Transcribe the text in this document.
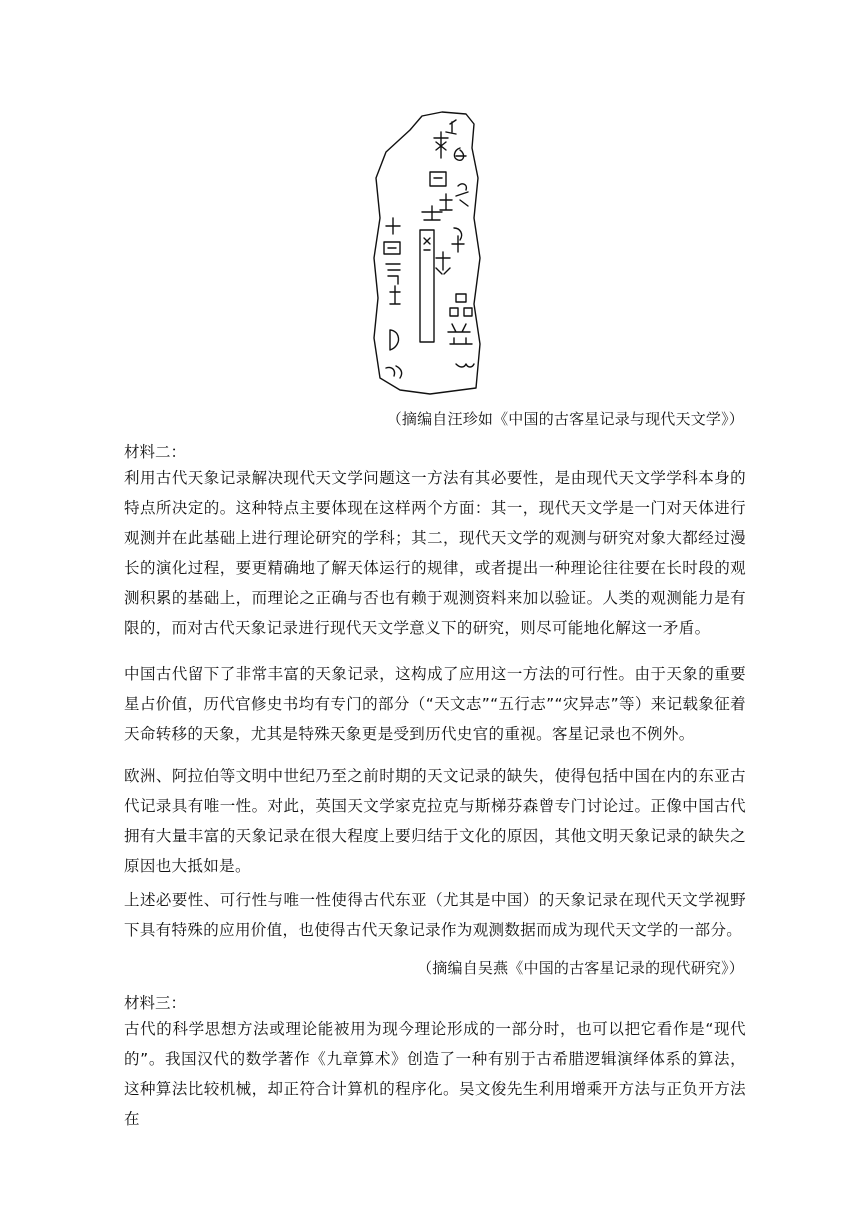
（摘编自汪珍如《中国的古客星记录与现代天文学》）
材料二：

利用古代天象记录解决现代天文学问题这一方法有其必要性，是由现代天文学学科本身的特点所决定的。这种特点主要体现在这样两个方面：其一，现代天文学是一门对天体进行观测并在此基础上进行理论研究的学科；其二，现代天文学的观测与研究对象大都经过漫长的演化过程，要更精确地了解天体运行的规律，或者提出一种理论往往要在长时段的观测积累的基础上，而理论之正确与否也有赖于观测资料来加以验证。人类的观测能力是有限的，而对古代天象记录进行现代天文学意义下的研究，则尽可能地化解这一矛盾。

中国古代留下了非常丰富的天象记录，这构成了应用这一方法的可行性。由于天象的重要星占价值，历代官修史书均有专门的部分（“天文志”“五行志”“灾异志”等）来记载象征着天命转移的天象，尤其是特殊天象更是受到历代史官的重视。客星记录也不例外。

欧洲、阿拉伯等文明中世纪乃至之前时期的天文记录的缺失，使得包括中国在内的东亚古代记录具有唯一性。对此，英国天文学家克拉克与斯梯芬森曾专门讨论过。正像中国古代拥有大量丰富的天象记录在很大程度上要归结于文化的原因，其他文明天象记录的缺失之原因也大抵如是。

上述必要性、可行性与唯一性使得古代东亚（尤其是中国）的天象记录在现代天文学视野下具有特殊的应用价值，也使得古代天象记录作为观测数据而成为现代天文学的一部分。

（摘编自吴燕《中国的古客星记录的现代研究》）
材料三：

古代的科学思想方法或理论能被用为现今理论形成的一部分时，也可以把它看作是“现代的”。我国汉代的数学著作《九章算术》创造了一种有别于古希腊逻辑演绎体系的算法，这种算法比较机械，却正符合计算机的程序化。吴文俊先生利用增乘开方法与正负开方法在
